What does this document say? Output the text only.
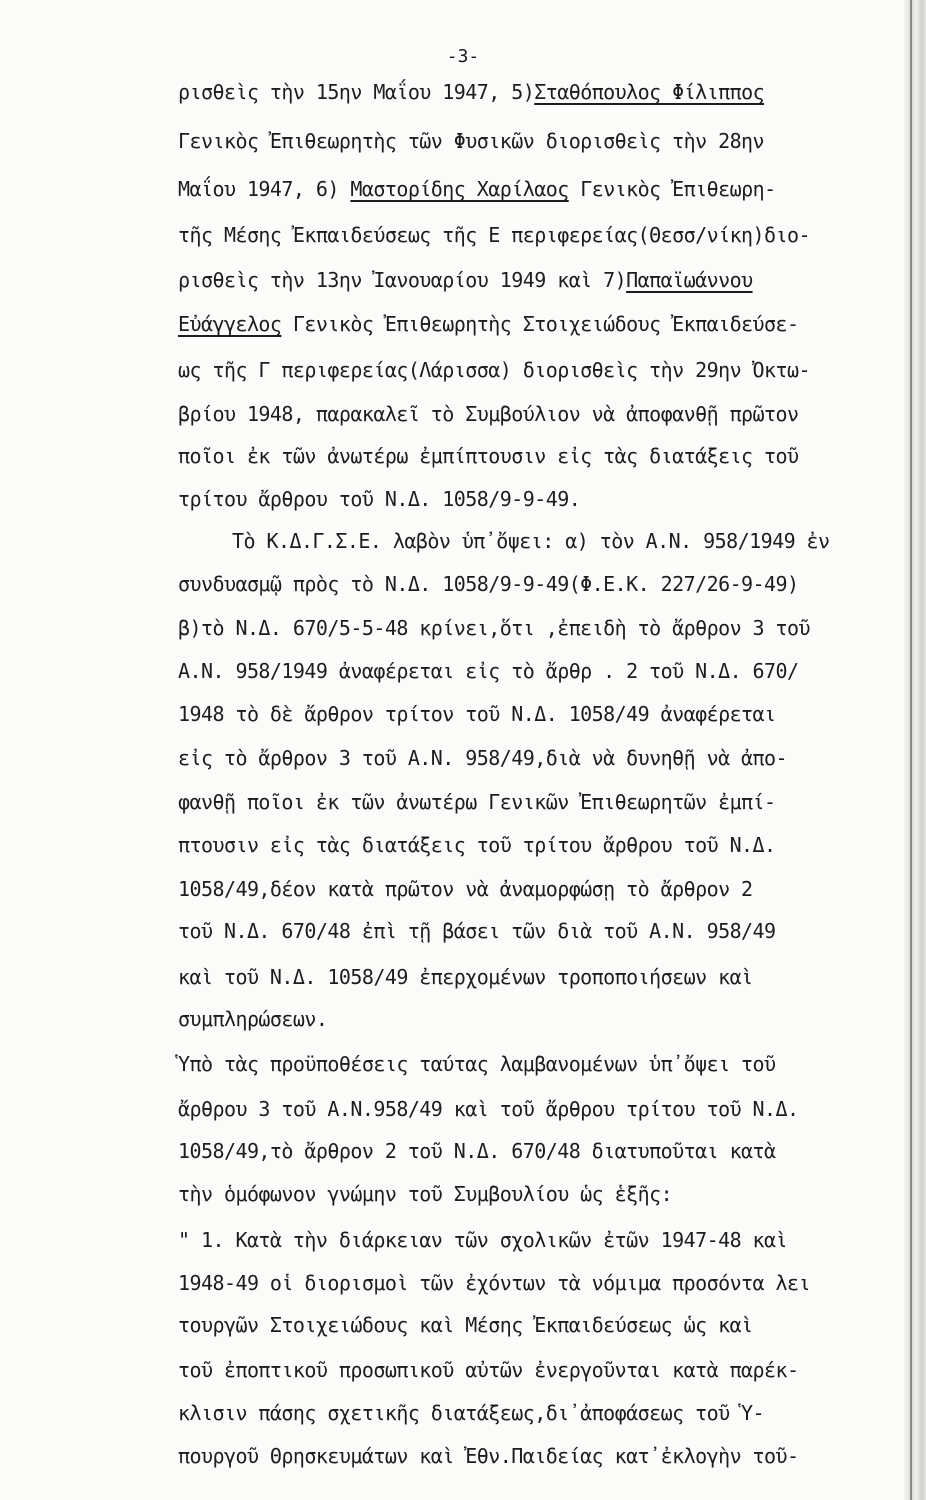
-3-
ρισθεὶς τὴν 15ην Μαΐου 1947, 5)Σταθόπουλος Φίλιππος
Γενικὸς Ἐπιθεωρητὴς τῶν Φυσικῶν διορισθεὶς τὴν 28ην
Μαΐου 1947, 6) Μαστορίδης Χαρίλαος Γενικὸς Ἐπιθεωρη-
τῆς Μέσης Ἐκπαιδεύσεως τῆς Ε περιφερείας(Θεσσ/νίκη)διο-
ρισθεὶς τὴν 13ην Ἰανουαρίου 1949 καὶ 7)Παπαϊωάννου
Εὐάγγελος Γενικὸς Ἐπιθεωρητὴς Στοιχειώδους Ἐκπαιδεύσε-
ως τῆς Γ περιφερείας(Λάρισσα) διορισθεὶς τὴν 29ην Ὀκτω-
βρίου 1948, παρακαλεῖ τὸ Συμβούλιον νὰ ἀποφανθῇ πρῶτον
ποῖοι ἐκ τῶν ἀνωτέρω ἐμπίπτουσιν εἰς τὰς διατάξεις τοῦ
τρίτου ἄρθρου τοῦ Ν.Δ. 1058/9-9-49.
Τὸ Κ.Δ.Γ.Σ.Ε. λαβὸν ὑπ᾽ὄψει: α) τὸν Α.Ν. 958/1949 ἐν
συνδυασμῷ πρὸς τὸ Ν.Δ. 1058/9-9-49(Φ.Ε.Κ. 227/26-9-49)
β)τὸ Ν.Δ. 670/5-5-48 κρίνει,ὅτι ,ἐπειδὴ τὸ ἄρθρον 3 τοῦ
Α.Ν. 958/1949 ἀναφέρεται εἰς τὸ ἄρθρ . 2 τοῦ Ν.Δ. 670/
1948 τὸ δὲ ἄρθρον τρίτον τοῦ Ν.Δ. 1058/49 ἀναφέρεται
εἰς τὸ ἄρθρον 3 τοῦ Α.Ν. 958/49,διὰ νὰ δυνηθῇ νὰ ἀπο-
φανθῇ ποῖοι ἐκ τῶν ἀνωτέρω Γενικῶν Ἐπιθεωρητῶν ἐμπί-
πτουσιν εἰς τὰς διατάξεις τοῦ τρίτου ἄρθρου τοῦ Ν.Δ.
1058/49,δέον κατὰ πρῶτον νὰ ἀναμορφώσῃ τὸ ἄρθρον 2
τοῦ Ν.Δ. 670/48 ἐπὶ τῇ βάσει τῶν διὰ τοῦ Α.Ν. 958/49
καὶ τοῦ Ν.Δ. 1058/49 ἐπερχομένων τροποποιήσεων καὶ
συμπληρώσεων.
Ὑπὸ τὰς προϋποθέσεις ταύτας λαμβανομένων ὑπ᾽ὄψει τοῦ
ἄρθρου 3 τοῦ Α.Ν.958/49 καὶ τοῦ ἄρθρου τρίτου τοῦ Ν.Δ.
1058/49,τὸ ἄρθρον 2 τοῦ Ν.Δ. 670/48 διατυποῦται κατὰ
τὴν ὁμόφωνον γνώμην τοῦ Συμβουλίου ὡς ἑξῆς:
" 1. Κατὰ τὴν διάρκειαν τῶν σχολικῶν ἐτῶν 1947-48 καὶ
1948-49 οἱ διορισμοὶ τῶν ἐχόντων τὰ νόμιμα προσόντα λει
τουργῶν Στοιχειώδους καὶ Μέσης Ἐκπαιδεύσεως ὡς καὶ
τοῦ ἐποπτικοῦ προσωπικοῦ αὐτῶν ἐνεργοῦνται κατὰ παρέκ-
κλισιν πάσης σχετικῆς διατάξεως,δι᾽ἀποφάσεως τοῦ Ὑ-
πουργοῦ Θρησκευμάτων καὶ Ἐθν.Παιδείας κατ᾽ἐκλογὴν τοῦ-
